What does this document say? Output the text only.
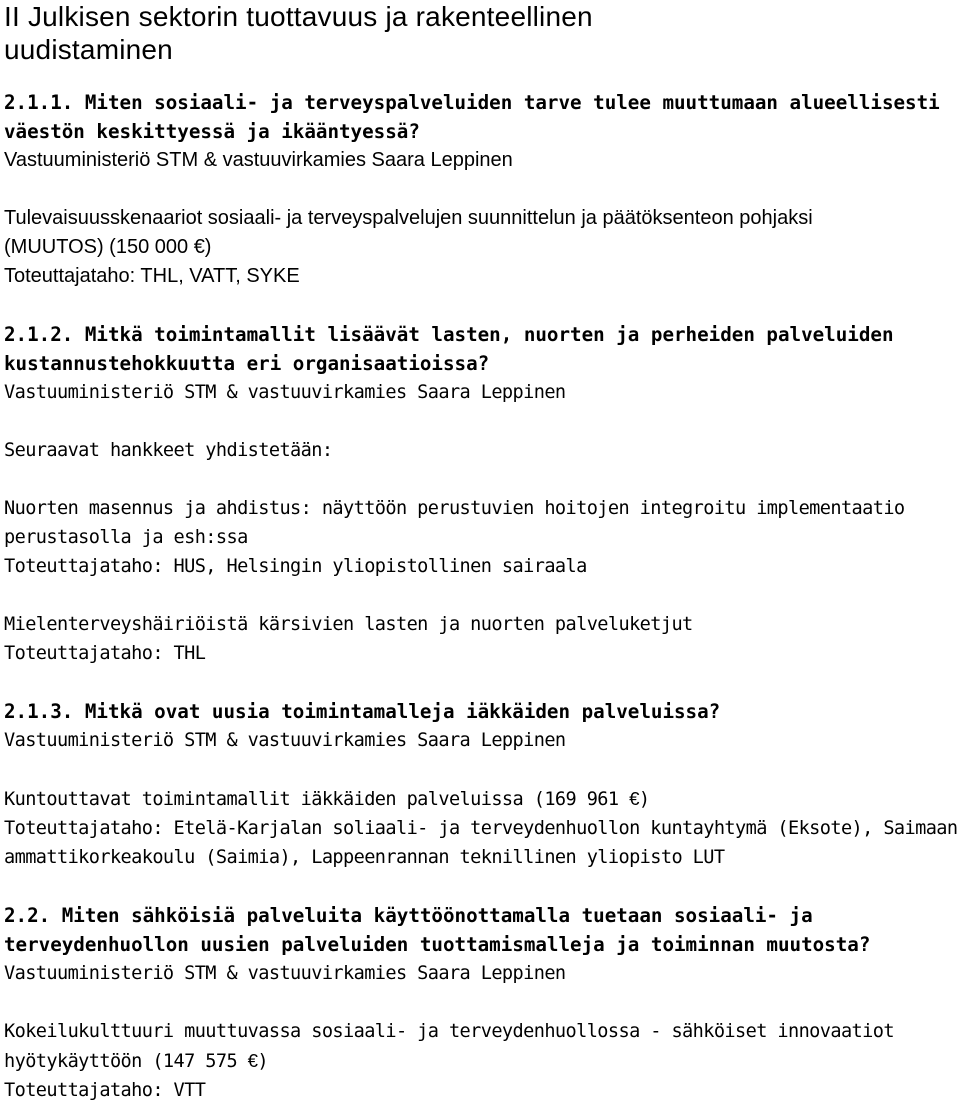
II Julkisen sektorin tuottavuus ja rakenteellinen
uudistaminen
2.1.1. Miten sosiaali- ja terveyspalveluiden tarve tulee muuttumaan alueellisesti
väestön keskittyessä ja ikääntyessä?
Vastuuministeriö STM & vastuuvirkamies Saara Leppinen
Tulevaisuusskenaariot sosiaali- ja terveyspalvelujen suunnittelun ja päätöksenteon pohjaksi
(MUUTOS) (150 000 €)
Toteuttajataho: THL, VATT, SYKE
2.1.2. Mitkä toimintamallit lisäävät lasten, nuorten ja perheiden palveluiden
kustannustehokkuutta eri organisaatioissa?
Vastuuministeriö STM & vastuuvirkamies Saara Leppinen
Seuraavat hankkeet yhdistetään:
Nuorten masennus ja ahdistus: näyttöön perustuvien hoitojen integroitu implementaatio
perustasolla ja esh:ssa
Toteuttajataho: HUS, Helsingin yliopistollinen sairaala
Mielenterveyshäiriöistä kärsivien lasten ja nuorten palveluketjut
Toteuttajataho: THL
2.1.3. Mitkä ovat uusia toimintamalleja iäkkäiden palveluissa?
Vastuuministeriö STM & vastuuvirkamies Saara Leppinen
Kuntouttavat toimintamallit iäkkäiden palveluissa (169 961 €)
Toteuttajataho: Etelä-Karjalan soliaali- ja terveydenhuollon kuntayhtymä (Eksote), Saimaan
ammattikorkeakoulu (Saimia), Lappeenrannan teknillinen yliopisto LUT
2.2. Miten sähköisiä palveluita käyttöönottamalla tuetaan sosiaali- ja
terveydenhuollon uusien palveluiden tuottamismalleja ja toiminnan muutosta?
Vastuuministeriö STM & vastuuvirkamies Saara Leppinen
Kokeilukulttuuri muuttuvassa sosiaali- ja terveydenhuollossa - sähköiset innovaatiot
hyötykäyttöön (147 575 €)
Toteuttajataho: VTT
